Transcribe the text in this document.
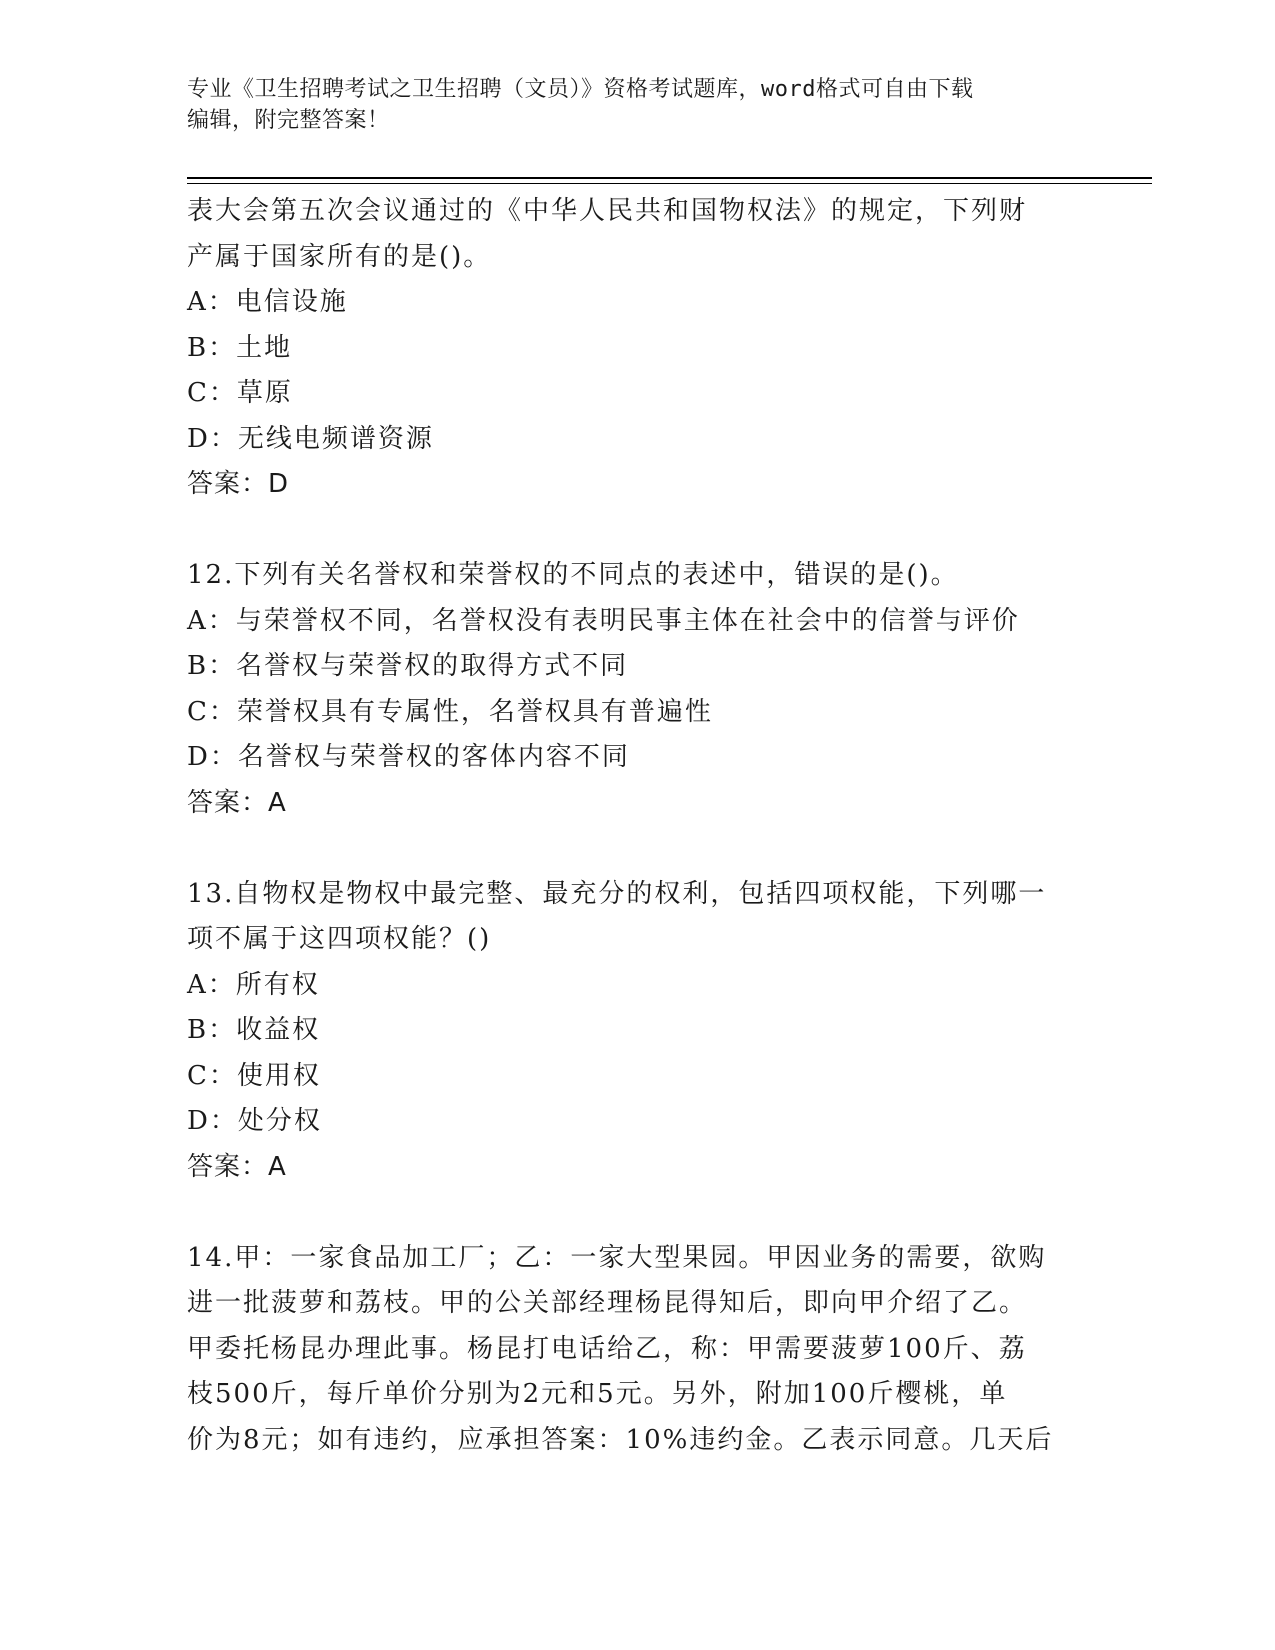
专业《卫生招聘考试之卫生招聘（文员）》资格考试题库，word格式可自由下载
编辑，附完整答案！
表大会第五次会议通过的《中华人民共和国物权法》的规定，下列财
产属于国家所有的是()。
A：电信设施
B：土地
C：草原
D：无线电频谱资源
答案：D
12.下列有关名誉权和荣誉权的不同点的表述中，错误的是()。
A：与荣誉权不同，名誉权没有表明民事主体在社会中的信誉与评价
B：名誉权与荣誉权的取得方式不同
C：荣誉权具有专属性，名誉权具有普遍性
D：名誉权与荣誉权的客体内容不同
答案：A
13.自物权是物权中最完整、最充分的权利，包括四项权能，下列哪一
项不属于这四项权能？()
A：所有权
B：收益权
C：使用权
D：处分权
答案：A
14.甲：一家食品加工厂；乙：一家大型果园。甲因业务的需要，欲购
进一批菠萝和荔枝。甲的公关部经理杨昆得知后，即向甲介绍了乙。
甲委托杨昆办理此事。杨昆打电话给乙，称：甲需要菠萝100斤、荔
枝500斤，每斤单价分别为2元和5元。另外，附加100斤樱桃，单
价为8元；如有违约，应承担答案：10%违约金。乙表示同意。几天后
